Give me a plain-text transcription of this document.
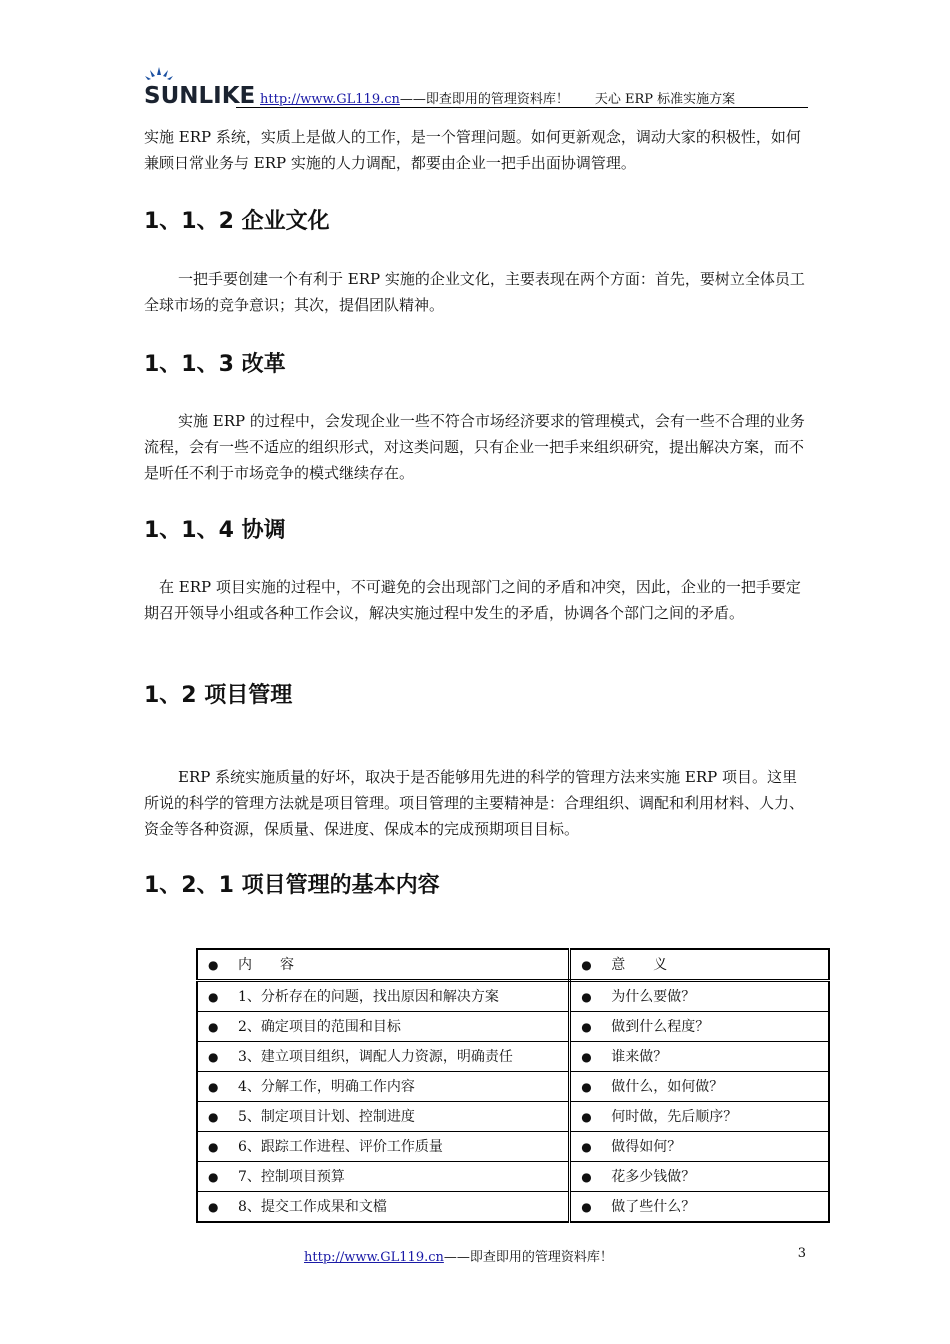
SUNLIKE http://www.GL119.cn——即查即用的管理资料库！ 天心 ERP 标准实施方案
实施 ERP 系统，实质上是做人的工作，是一个管理问题。如何更新观念，调动大家的积极性，如何兼顾日常业务与 ERP 实施的人力调配，都要由企业一把手出面协调管理。
1、1、2 企业文化
一把手要创建一个有利于 ERP 实施的企业文化，主要表现在两个方面：首先，要树立全体员工全球市场的竞争意识；其次，提倡团队精神。
1、1、3 改革
实施 ERP 的过程中，会发现企业一些不符合市场经济要求的管理模式，会有一些不合理的业务流程，会有一些不适应的组织形式，对这类问题，只有企业一把手来组织研究，提出解决方案，而不是听任不利于市场竞争的模式继续存在。
1、1、4 协调
在 ERP 项目实施的过程中，不可避免的会出现部门之间的矛盾和冲突，因此，企业的一把手要定期召开领导小组或各种工作会议，解决实施过程中发生的矛盾，协调各个部门之间的矛盾。
1、2 项目管理
ERP 系统实施质量的好坏，取决于是否能够用先进的科学的管理方法来实施 ERP 项目。这里所说的科学的管理方法就是项目管理。项目管理的主要精神是：合理组织、调配和利用材料、人力、资金等各种资源，保质量、保进度、保成本的完成预期项目目标。
1、2、1 项目管理的基本内容
● 内　　容	● 意　　义

● 1、分析存在的问题，找出原因和解决方案	● 为什么要做？

● 2、确定项目的范围和目标	● 做到什么程度？

● 3、建立项目组织，调配人力资源，明确责任	● 谁来做？

● 4、分解工作，明确工作内容	● 做什么，如何做？

● 5、制定项目计划、控制进度	● 何时做，先后顺序？

● 6、跟踪工作进程、评价工作质量	● 做得如何？

● 7、控制项目预算	● 花多少钱做？

● 8、提交工作成果和文檔	● 做了些什么？
http://www.GL119.cn——即查即用的管理资料库！	3
